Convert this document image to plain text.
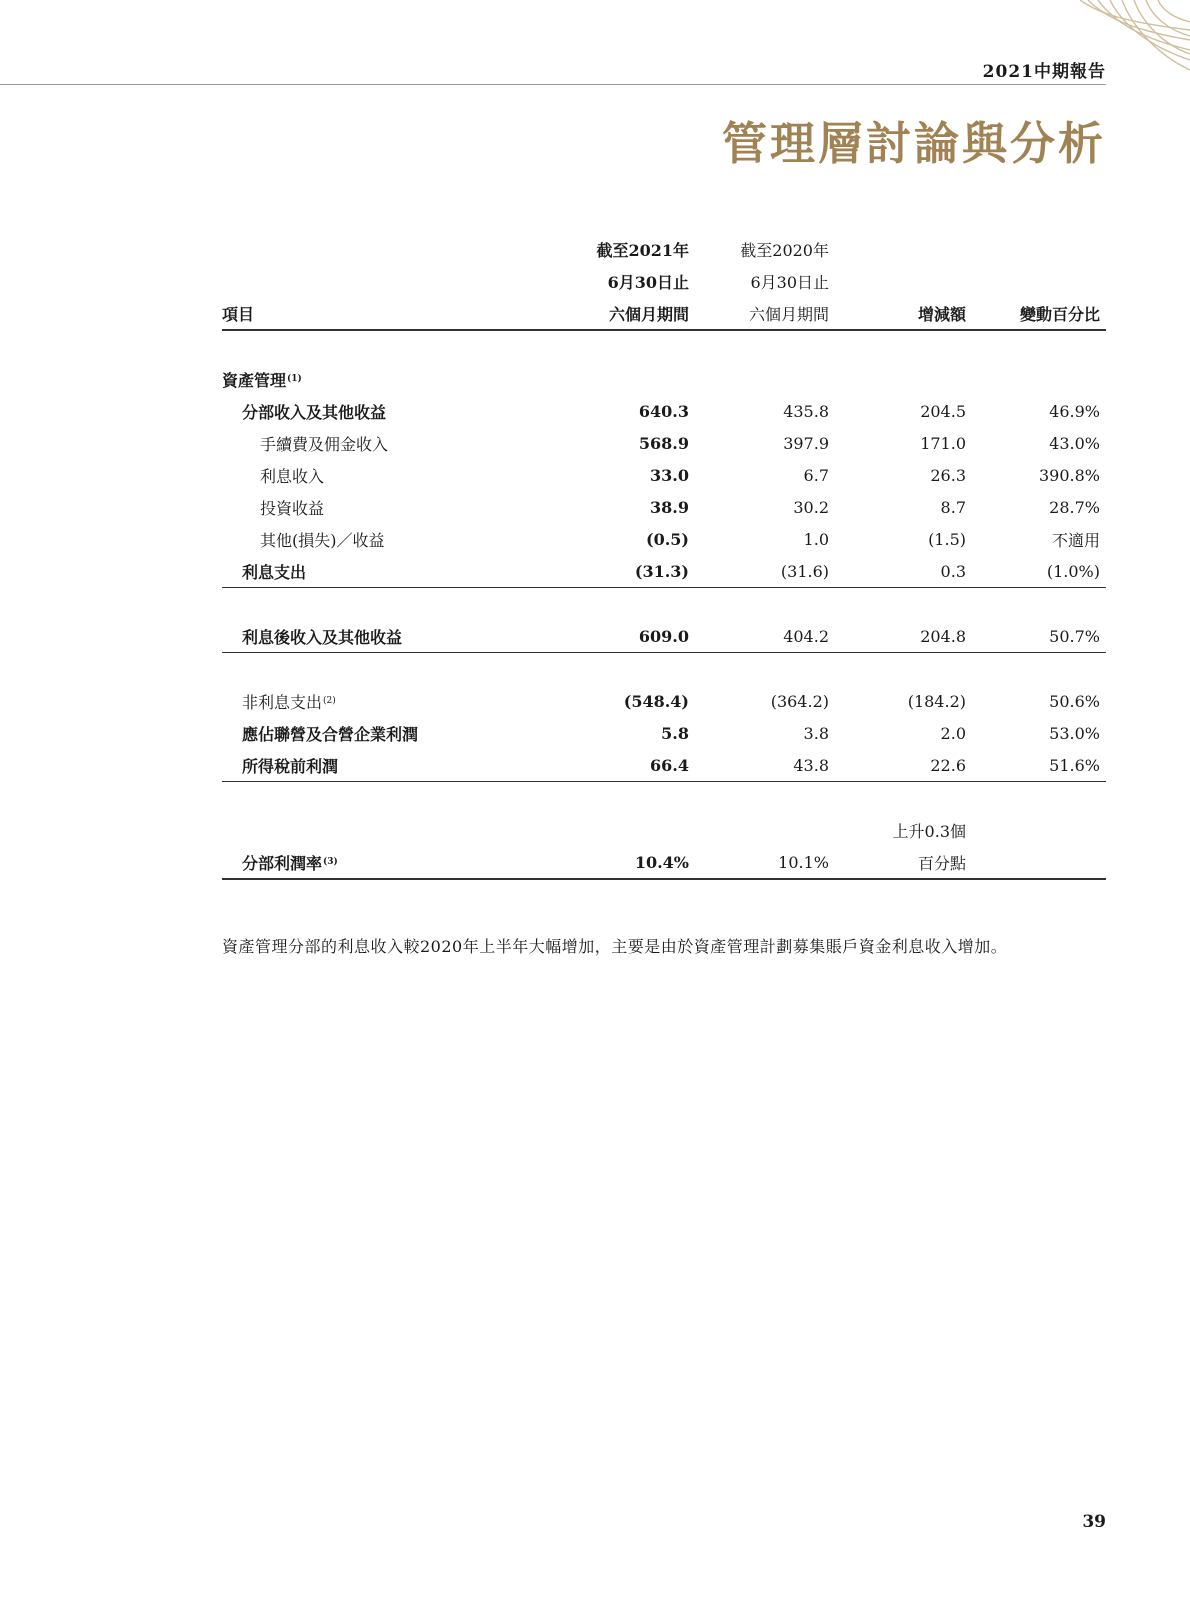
2021中期報告
管理層討論與分析
	截至2021年	截至2020年		
	6月30日止	6月30日止		
項目	六個月期間	六個月期間	增減額	變動百分比

資產管理$^{(1)}$				
分部收入及其他收益	640.3	435.8	204.5	46.9%
手續費及佣金收入	568.9	397.9	171.0	43.0%
利息收入	33.0	6.7	26.3	390.8%
投資收益	38.9	30.2	8.7	28.7%
其他(損失)／收益	(0.5)	1.0	(1.5)	不適用
利息支出	(31.3)	(31.6)	0.3	(1.0%)

利息後收入及其他收益	609.0	404.2	204.8	50.7%

非利息支出$^{(2)}$	(548.4)	(364.2)	(184.2)	50.6%
應佔聯營及合營企業利潤	5.8	3.8	2.0	53.0%
所得稅前利潤	66.4	43.8	22.6	51.6%

			上升0.3個	
分部利潤率$^{(3)}$	10.4%	10.1%	百分點	
資產管理分部的利息收入較2020年上半年大幅增加，主要是由於資產管理計劃募集賬戶資金利息收入增加。
39
